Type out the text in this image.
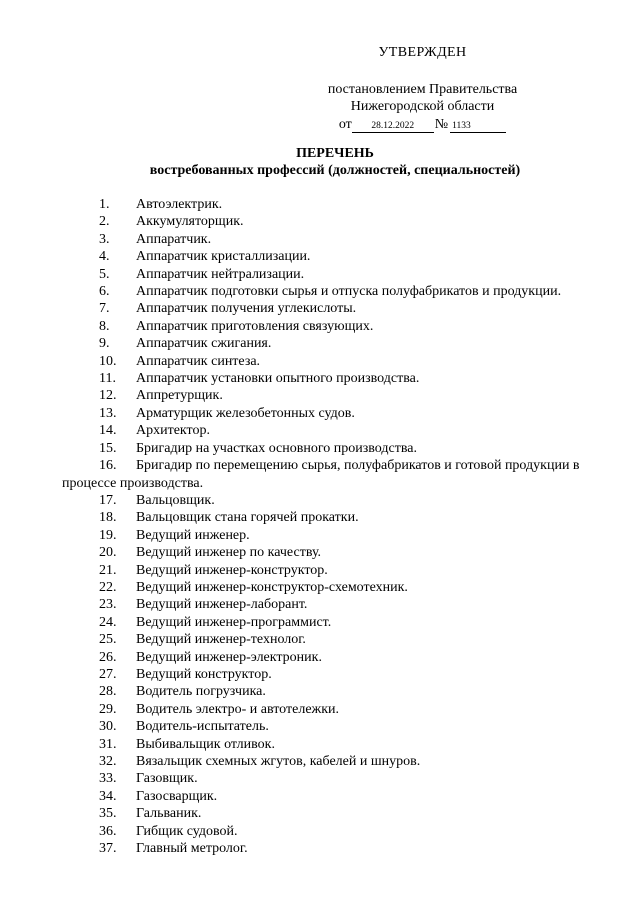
УТВЕРЖДЕН
постановлением Правительства
Нижегородской области
от	28.12.2022	№ 1133
ПЕРЕЧЕНЬ
востребованных профессий (должностей, специальностей)
1. Автоэлектрик.
2. Аккумуляторщик.
3. Аппаратчик.
4. Аппаратчик кристаллизации.
5. Аппаратчик нейтрализации.
6. Аппаратчик подготовки сырья и отпуска полуфабрикатов и продукции.
7. Аппаратчик получения углекислоты.
8. Аппаратчик приготовления связующих.
9. Аппаратчик сжигания.
10. Аппаратчик синтеза.
11. Аппаратчик установки опытного производства.
12. Аппретурщик.
13. Арматурщик железобетонных судов.
14. Архитектор.
15. Бригадир на участках основного производства.
16. Бригадир по перемещению сырья, полуфабрикатов и готовой продукции в процессе производства.
17. Вальцовщик.
18. Вальцовщик стана горячей прокатки.
19. Ведущий инженер.
20. Ведущий инженер по качеству.
21. Ведущий инженер-конструктор.
22. Ведущий инженер-конструктор-схемотехник.
23. Ведущий инженер-лаборант.
24. Ведущий инженер-программист.
25. Ведущий инженер-технолог.
26. Ведущий инженер-электроник.
27. Ведущий конструктор.
28. Водитель погрузчика.
29. Водитель электро- и автотележки.
30. Водитель-испытатель.
31. Выбивальщик отливок.
32. Вязальщик схемных жгутов, кабелей и шнуров.
33. Газовщик.
34. Газосварщик.
35. Гальваник.
36. Гибщик судовой.
37. Главный метролог.
